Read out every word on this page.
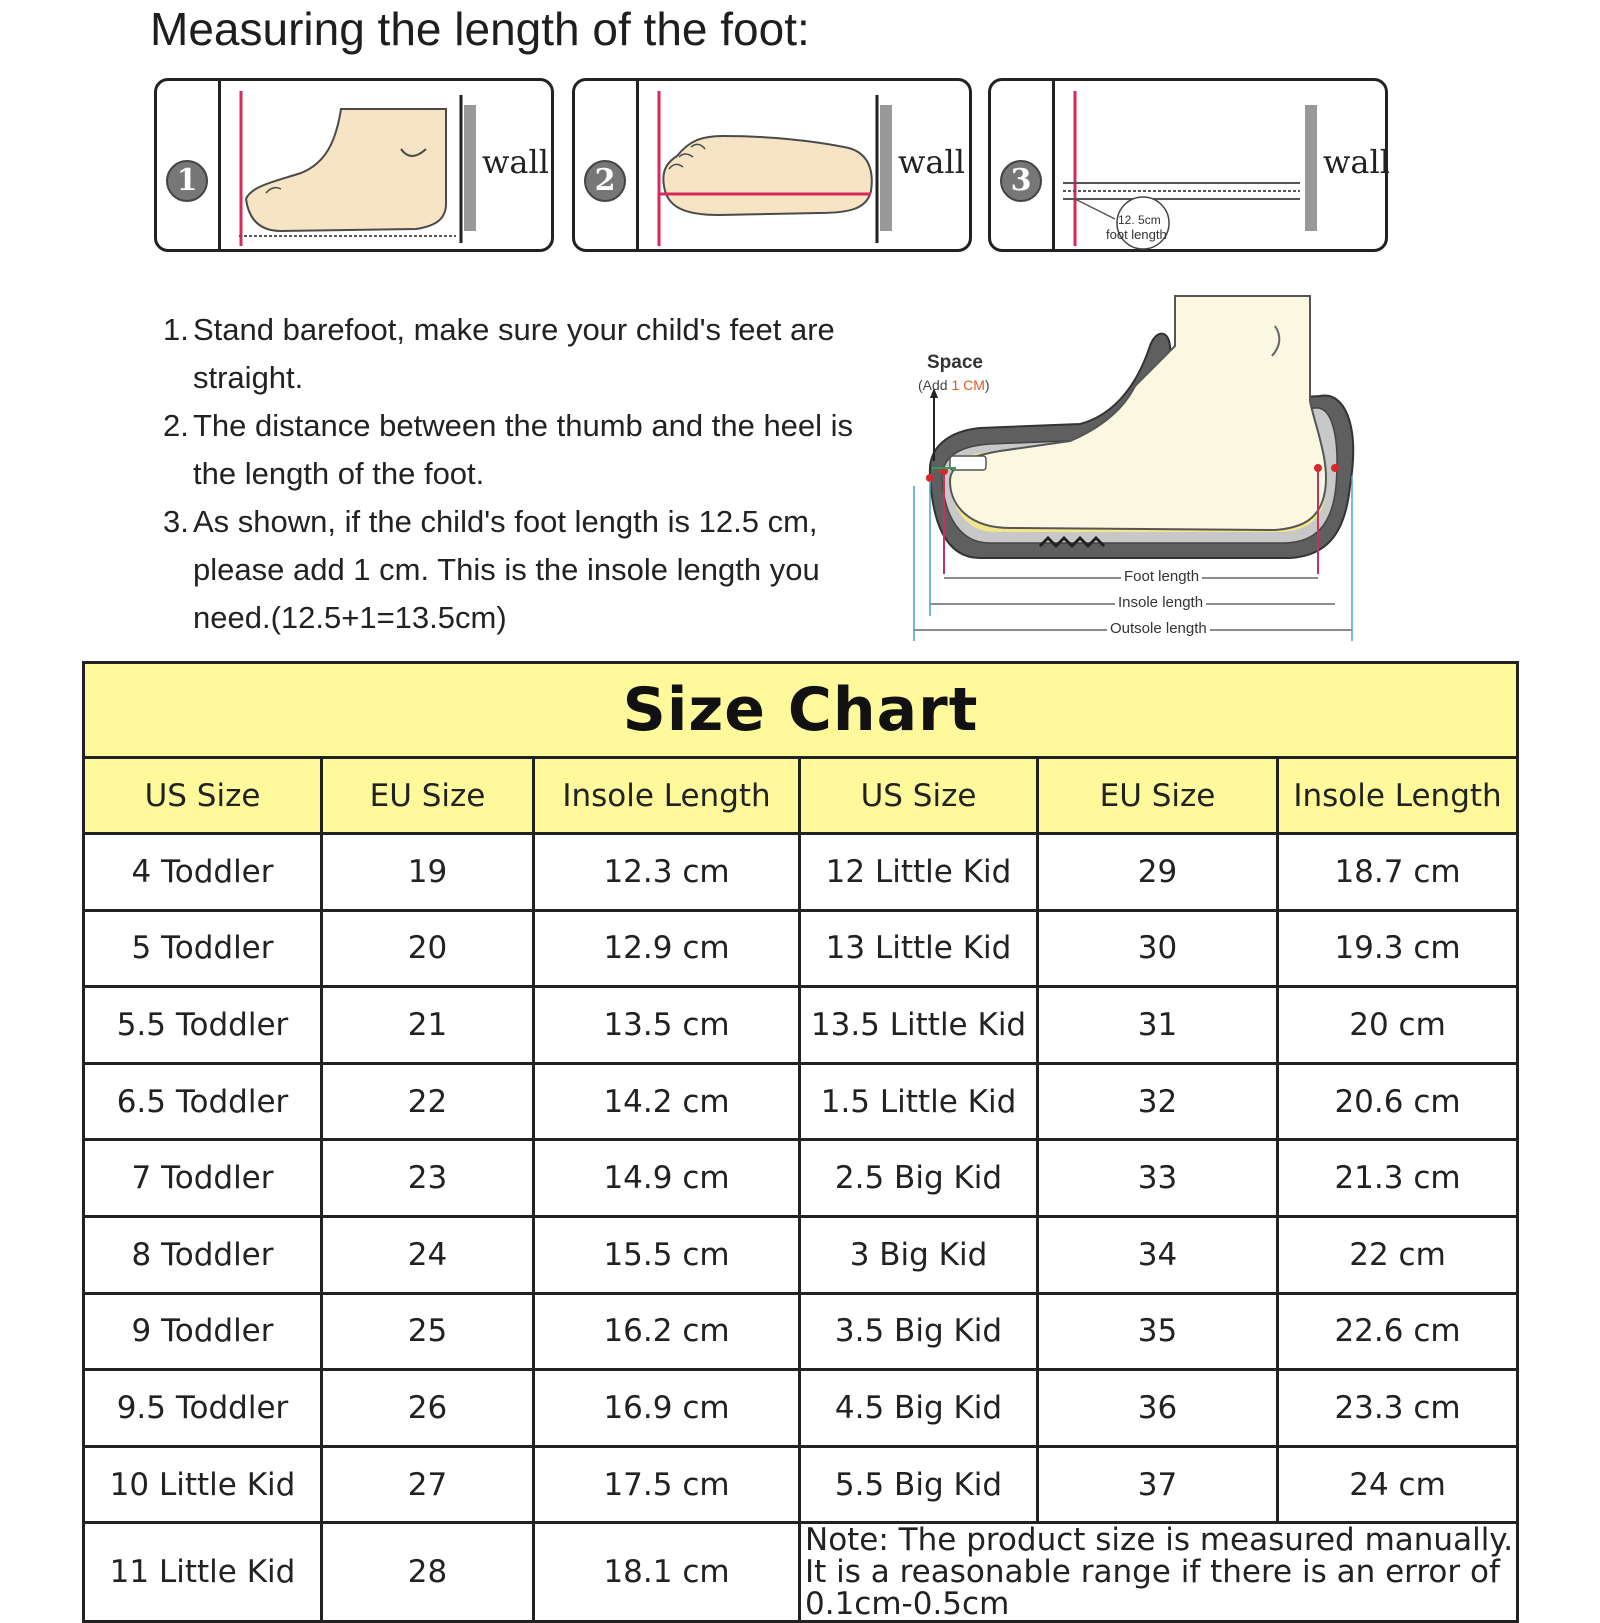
Measuring the length of the foot:
1	wall	2	wall	3
12. 5cm
foot length
wall
1. Stand barefoot, make sure your child's feet are straight.
2. The distance between the thumb and the heel is the length of the foot.
3. As shown, if the child's foot length is 12.5 cm, please add 1 cm. This is the insole length you need.(12.5+1=13.5cm)
Space
(Add 1 CM)
Foot length
Insole length
Outsole length
Size Chart					
US Size	EU Size	Insole Length	US Size	EU Size	Insole Length
4 Toddler	19	12.3 cm	12 Little Kid	29	18.7 cm
5 Toddler	20	12.9 cm	13 Little Kid	30	19.3 cm
5.5 Toddler	21	13.5 cm	13.5 Little Kid	31	20 cm
6.5 Toddler	22	14.2 cm	1.5 Little Kid	32	20.6 cm
7 Toddler	23	14.9 cm	2.5 Big Kid	33	21.3 cm
8 Toddler	24	15.5 cm	3 Big Kid	34	22 cm
9 Toddler	25	16.2 cm	3.5 Big Kid	35	22.6 cm
9.5 Toddler	26	16.9 cm	4.5 Big Kid	36	23.3 cm
10 Little Kid	27	17.5 cm	5.5 Big Kid	37	24 cm
11 Little Kid	28	18.1 cm	Note: The product size is measured manually. It is a reasonable range if there is an error of 0.1cm-0.5cm		
